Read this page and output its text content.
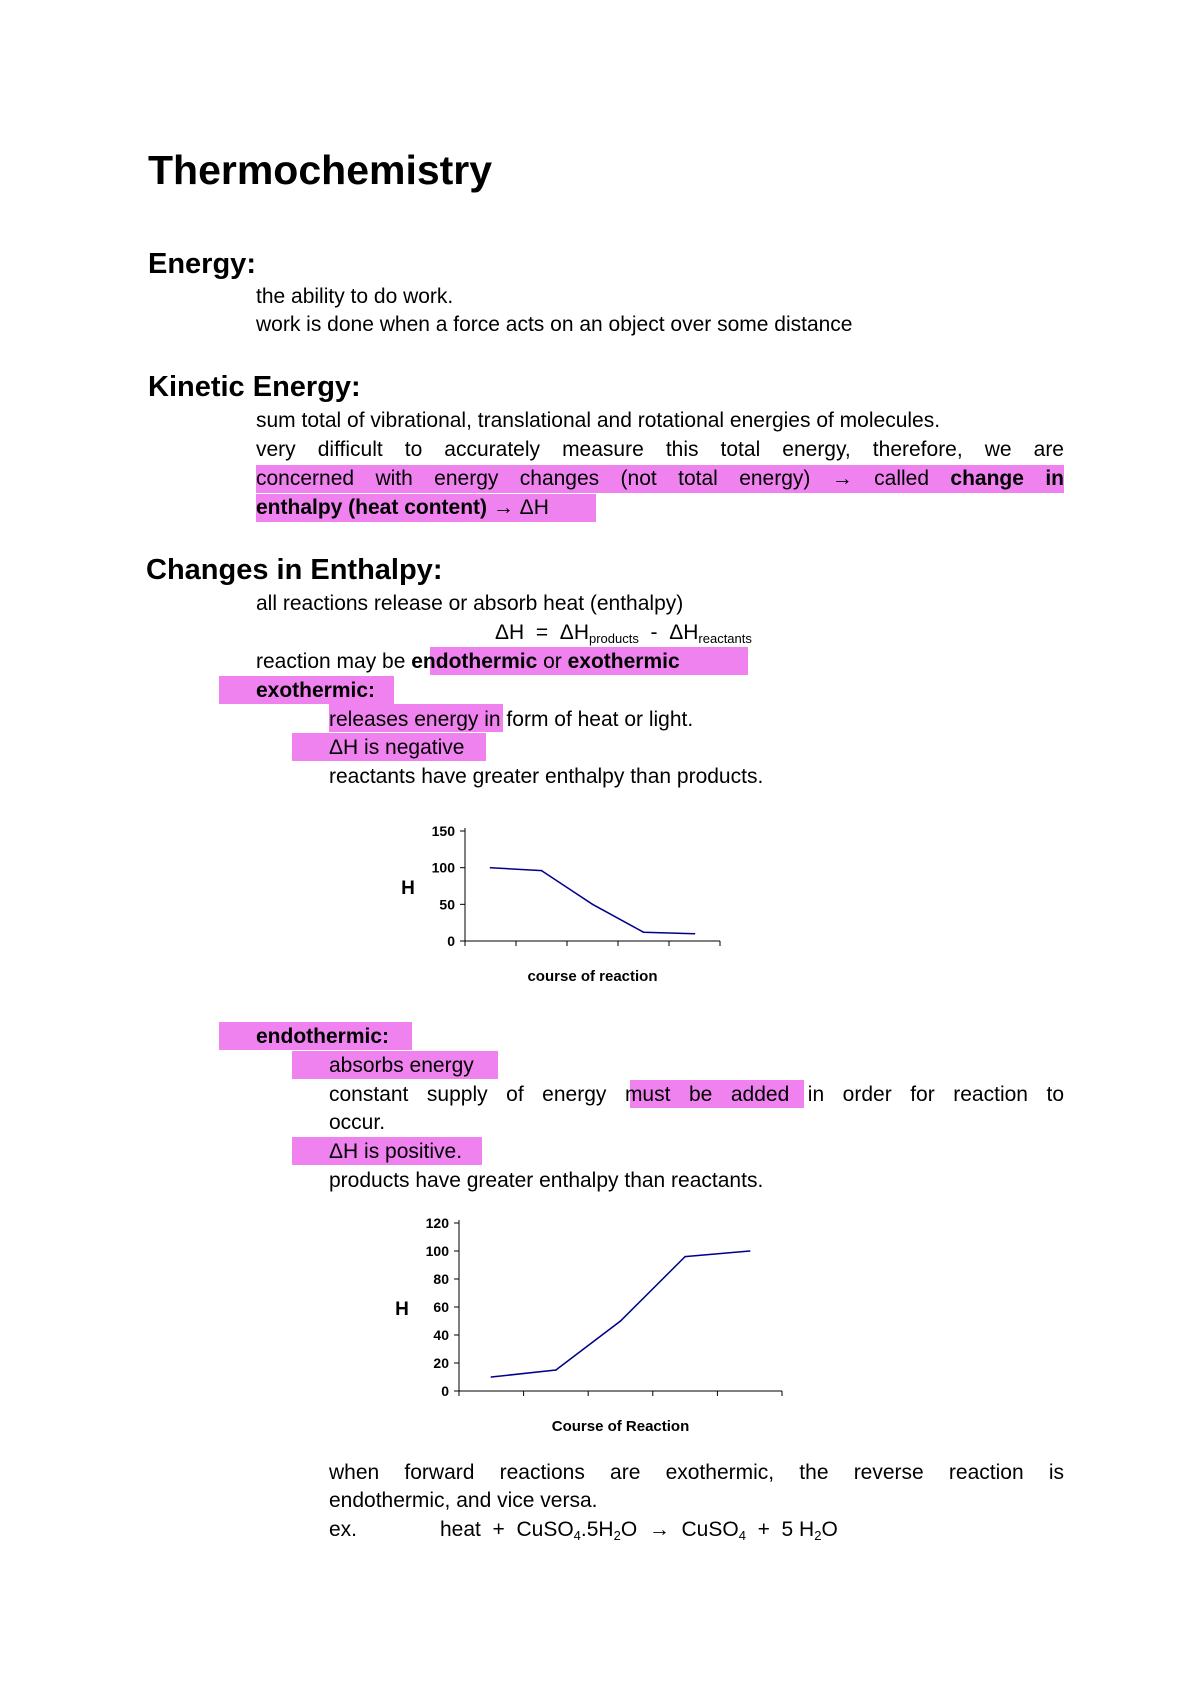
Thermochemistry
Energy:
the ability to do work.
work is done when a force acts on an object over some distance
Kinetic Energy:
sum total of vibrational, translational and rotational energies of molecules.
very difficult to accurately measure this total energy, therefore, we are
concerned with energy changes (not total energy) → called change in
enthalpy (heat content) → ΔH
Changes in Enthalpy:
all reactions release or absorb heat (enthalpy)
$\Delta H = \Delta H_{products} - \Delta H_{reactants}$
reaction may be endothermic or exothermic
exothermic:
releases energy in form of heat or light.
ΔH is negative
reactants have greater enthalpy than products.
0
50
100
150
H
course of reaction
endothermic:
absorbs energy
constant supply of energy must be added in order for reaction to
occur.
ΔH is positive.
products have greater enthalpy than reactants.
0
20
40
60
80
100
120
H
Course of Reaction
when forward reactions are exothermic, the reverse reaction is
endothermic, and vice versa.
ex.	heat  +  $CuSO_4.5H_2O$  →  CuSO$_4$  +  5 $H_2O$
